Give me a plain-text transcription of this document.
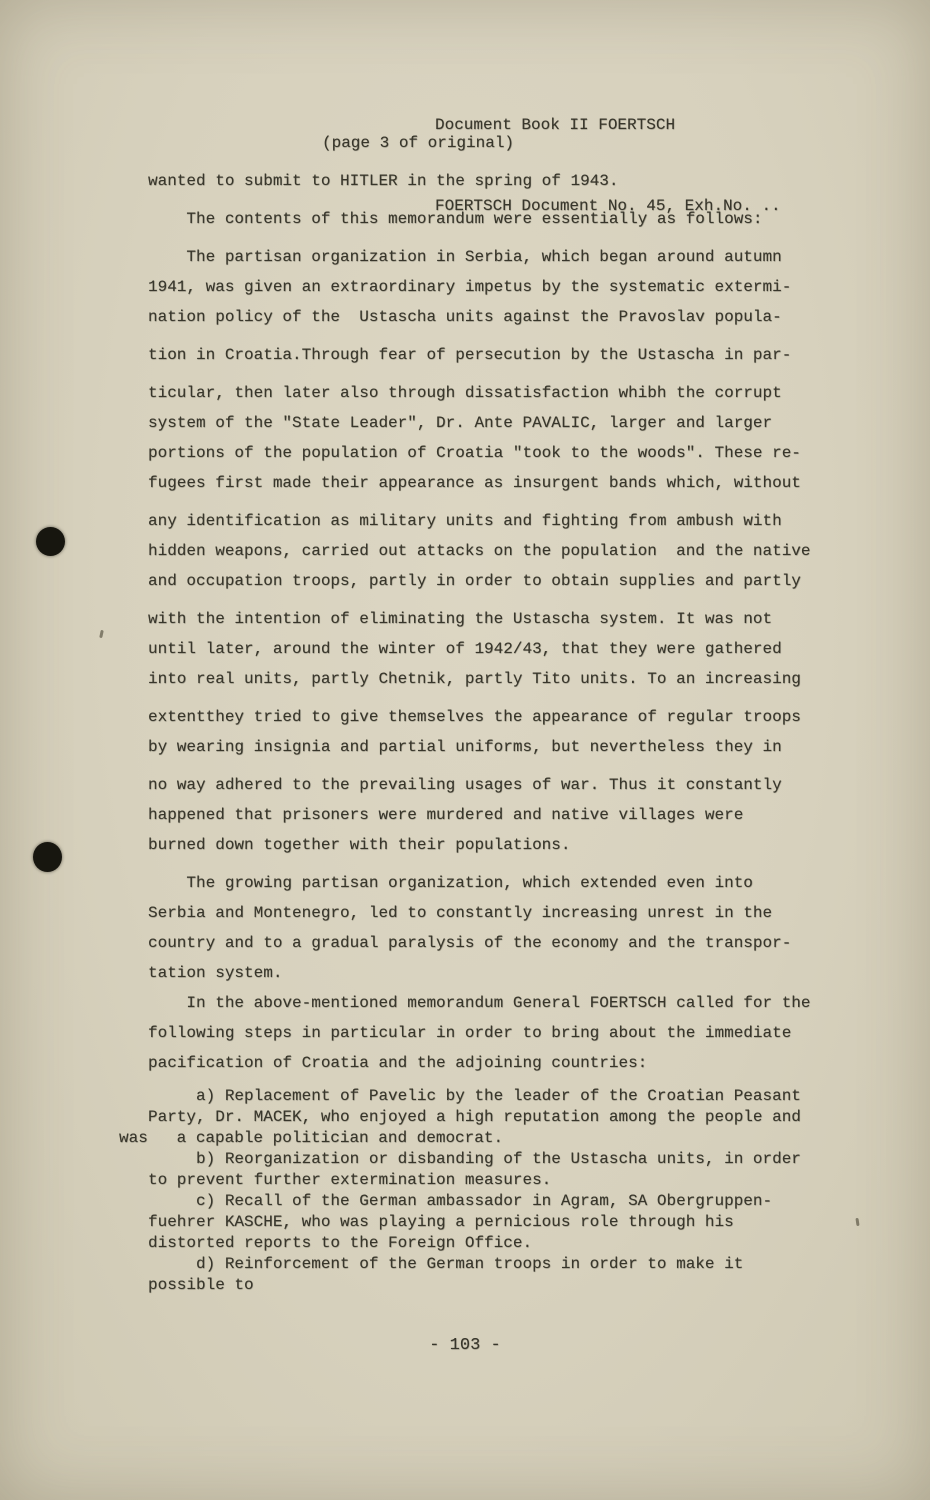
Document Book II FOERTSCH

FOERTSCH Document No. 45, Exh.No. ..

(page 3 of original)
wanted to submit to HITLER in the spring of 1943.
The contents of this memorandum were essentially as follows:
The partisan organization in Serbia, which began around autumn
1941, was given an extraordinary impetus by the systematic extermi-
nation policy of the  Ustascha units against the Pravoslav popula-
tion in Croatia.Through fear of persecution by the Ustascha in par-
ticular, then later also through dissatisfaction whibh the corrupt
system of the "State Leader", Dr. Ante PAVALIC, larger and larger
portions of the population of Croatia "took to the woods". These re-
fugees first made their appearance as insurgent bands which, without
any identification as military units and fighting from ambush with
hidden weapons, carried out attacks on the population  and the native
and occupation troops, partly in order to obtain supplies and partly
with the intention of eliminating the Ustascha system. It was not
until later, around the winter of 1942/43, that they were gathered
into real units, partly Chetnik, partly Tito units. To an increasing
extentthey tried to give themselves the appearance of regular troops
by wearing insignia and partial uniforms, but nevertheless they in
no way adhered to the prevailing usages of war. Thus it constantly
happened that prisoners were murdered and native villages were
burned down together with their populations.
The growing partisan organization, which extended even into
Serbia and Montenegro, led to constantly increasing unrest in the
country and to a gradual paralysis of the economy and the transpor-
tation system.
In the above-mentioned memorandum General FOERTSCH called for the
following steps in particular in order to bring about the immediate
pacification of Croatia and the adjoining countries:
a) Replacement of Pavelic by the leader of the Croatian Peasant
Party, Dr. MACEK, who enjoyed a high reputation among the people and
was   a capable politician and democrat.
b) Reorganization or disbanding of the Ustascha units, in order
to prevent further extermination measures.
c) Recall of the German ambassador in Agram, SA Obergruppen-
fuehrer KASCHE, who was playing a pernicious role through his
distorted reports to the Foreign Office.
d) Reinforcement of the German troops in order to make it
possible to
- 103 -
